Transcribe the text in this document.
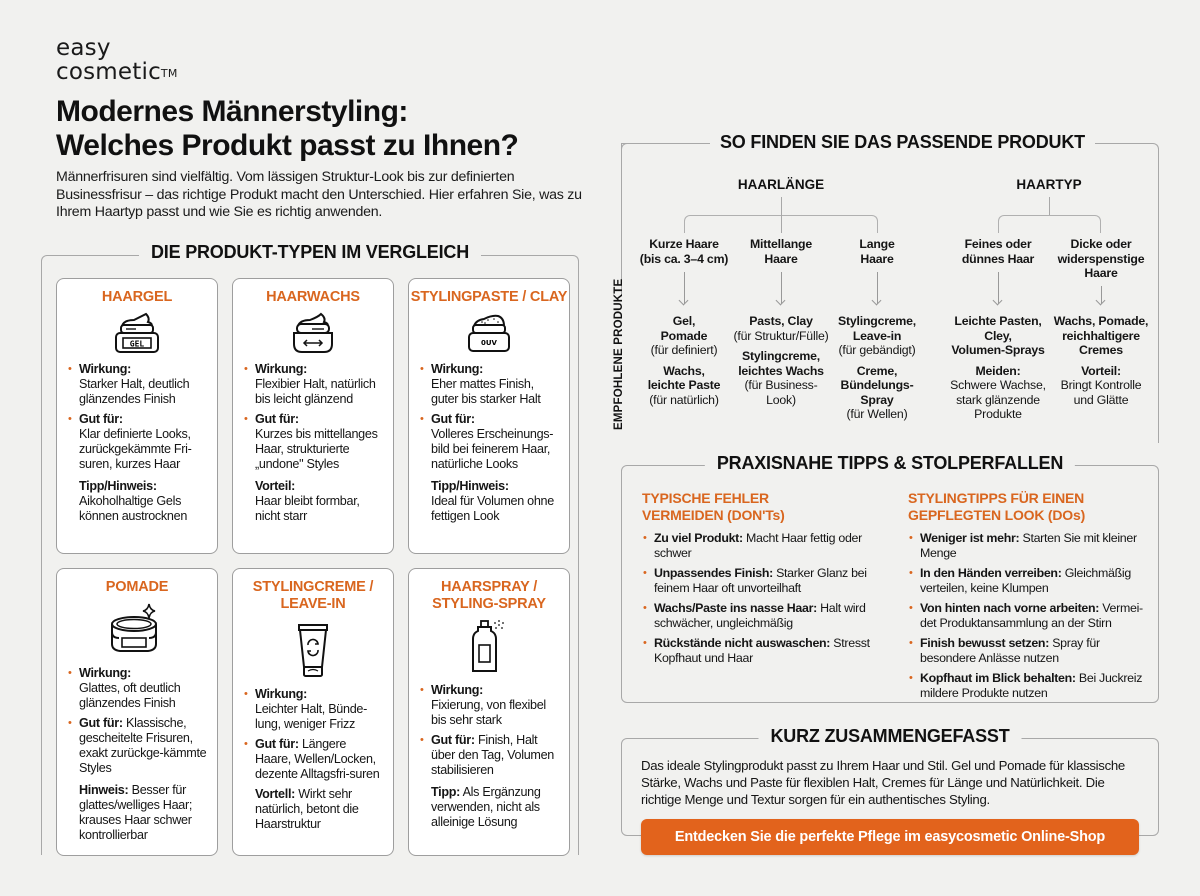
easy
cosmetic™
Modernes Männerstyling:
Welches Produkt passt zu Ihnen?

Männerfrisuren sind vielfältig. Vom lässigen Struktur-Look bis zur definierten Businessfrisur – das richtige Produkt macht den Unterschied. Hier erfahren Sie, was zu Ihrem Haartyp passt und wie Sie es richtig anwenden.

DIE PRODUKT-TYPEN IM VERGLEICH
HAARGEL
GEL
• Wirkung:
Starker Halt, deutlich glänzendes Finish
• Gut für:
Klar definierte Looks, zurückgekämmte Fri-suren, kurzes Haar
Tipp/Hinweis:
Aikoholhaltige Gels können austrocknen
HAARWACHS
• Wirkung:
Flexibier Halt, natürlich bis leicht glänzend
• Gut für:
Kurzes bis mittellanges Haar, strukturierte „undone" Styles
Vorteil:
Haar bleibt formbar, nicht starr
STYLINGPASTE / CLAY
0UV
• Wirkung:
Eher mattes Finish, guter bis starker Halt
• Gut für:
Volleres Erscheinungs-bild bei feinerem Haar, natürliche Looks
Tipp/Hinweis:
Ideal für Volumen ohne fettigen Look
POMADE
• Wirkung:
Glattes, oft deutlich glänzendes Finish
• Gut für: Klassische, gescheitelte Frisuren, exakt zurückge-kämmte Styles
Hinweis: Besser für glattes/welliges Haar; krauses Haar schwer kontrollierbar
STYLINGCREME /
LEAVE-IN
• Wirkung:
Leichter Halt, Bünde-lung, weniger Frizz
• Gut für: Längere Haare, Wellen/Locken, dezente Alltagsfri-suren
Vortell: Wirkt sehr natürlich, betont die Haarstruktur
HAARSPRAY /
STYLING-SPRAY
• Wirkung:
Fixierung, von flexibel bis sehr stark
• Gut für: Finish, Halt über den Tag, Volumen stabilisieren
Tipp: Als Ergänzung verwenden, nicht als alleinige Lösung
SO FINDEN SIE DAS PASSENDE PRODUKT
EMPFOHLENE PRODUKTE
HAARLÄNGE
Kurze Haare
(bis ca. 3–4 cm)
Mittellange
Haare
Lange
Haare
Gel,
Pomade
(für definiert)
Wachs,
leichte Paste
(für natürlich)
Pasts, Clay
(für Struktur/Fülle)
Stylingcreme,
leichtes Wachs
(für Business-
Look)
Stylingcreme,
Leave-in
(für gebändigt)
Creme,
Bündelungs-
Spray
(für Wellen)
HAARTYP
Feines oder
dünnes Haar
Dicke oder
widerspenstige
Haare
Leichte Pasten,
Cley,
Volumen-Sprays
Meiden:
Schwere Wachse,
stark glänzende
Produkte
Wachs, Pomade,
reichhaltigere
Cremes
Vorteil:
Bringt Kontrolle
und Glätte
PRAXISNAHE TIPPS & STOLPERFALLEN
TYPISCHE FEHLER
VERMEIDEN (DON'Ts)
• Zu viel Produkt: Macht Haar fettig oder schwer
• Unpassendes Finish: Starker Glanz bei feinem Haar oft unvorteilhaft
• Wachs/Paste ins nasse Haar: Halt wird schwächer, ungleichmäßig
• Rückstände nicht auswaschen: Stresst Kopfhaut und Haar
STYLINGTIPPS FÜR EINEN
GEPFLEGTEN LOOK (DOs)
• Weniger ist mehr: Starten Sie mit kleiner Menge
• In den Händen verreiben: Gleichmäßig verteilen, keine Klumpen
• Von hinten nach vorne arbeiten: Vermei-det Produktansammlung an der Stirn
• Finish bewusst setzen: Spray für besondere Anlässe nutzen
• Kopfhaut im Blick behalten: Bei Juckreiz mildere Produkte nutzen
KURZ ZUSAMMENGEFASST

Das ideale Stylingprodukt passt zu Ihrem Haar und Stil. Gel und Pomade für klassische Stärke, Wachs und Paste für flexiblen Halt, Cremes für Länge und Natürlichkeit. Die richtige Menge und Textur sorgen für ein authentisches Styling.

Entdecken Sie die perfekte Pflege im easycosmetic Online-Shop
